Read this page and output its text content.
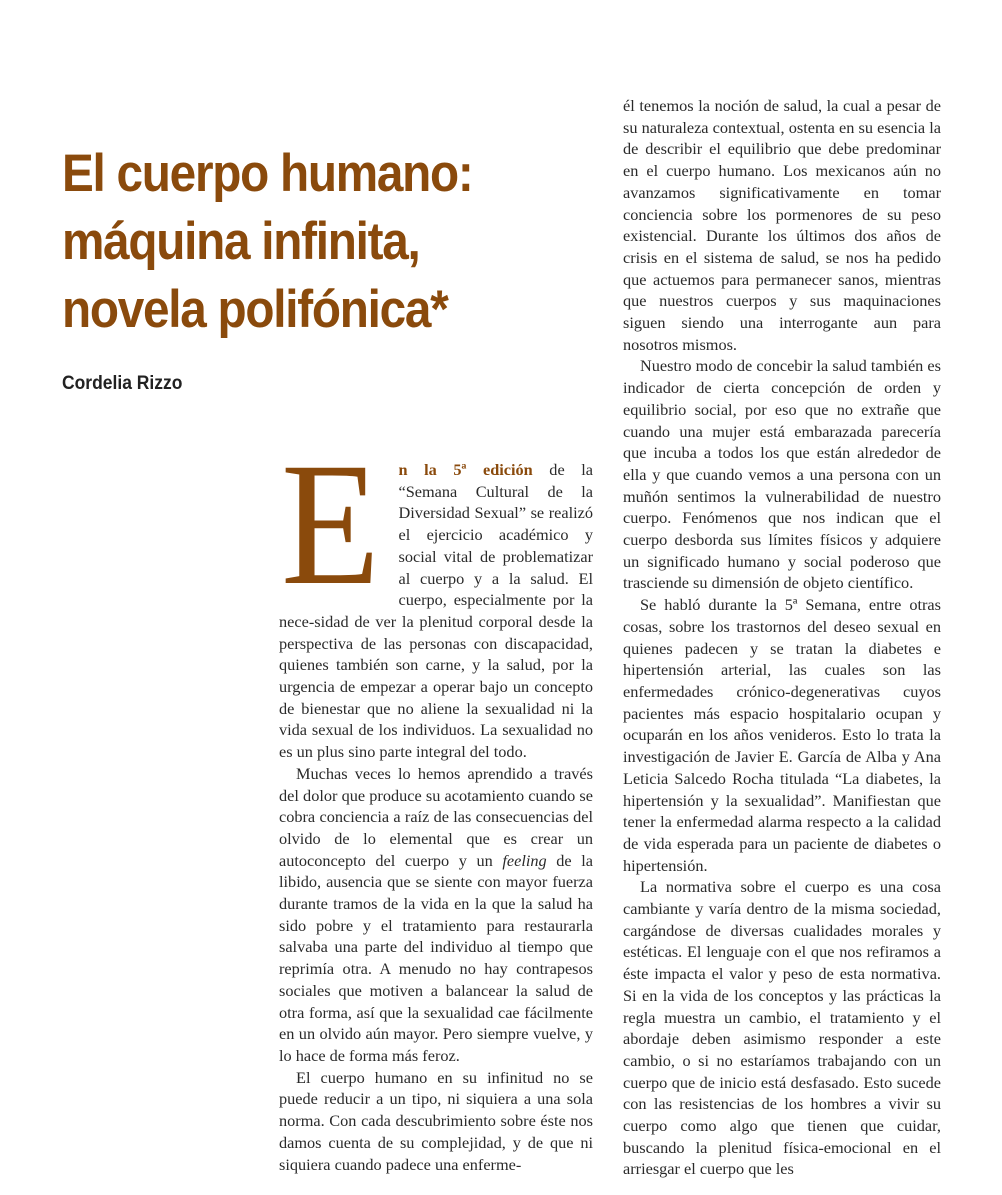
El cuerpo humano:
máquina infinita,
novela polifónica*

Cordelia Rizzo

E n la 5ª edición de la “Semana Cultural de la Diversidad Sexual” se realizó el ejercicio académico y social vital de problematizar al cuerpo y a la salud. El cuerpo, especialmente por la nece-sidad de ver la plenitud corporal desde la perspectiva de las personas con discapacidad, quienes también son carne, y la salud, por la urgencia de empezar a operar bajo un concepto de bienestar que no aliene la sexualidad ni la vida sexual de los individuos. La sexualidad no es un plus sino parte integral del todo.

Muchas veces lo hemos aprendido a través del dolor que produce su acotamiento cuando se cobra conciencia a raíz de las consecuencias del olvido de lo elemental que es crear un autoconcepto del cuerpo y un feeling de la libido, ausencia que se siente con mayor fuerza durante tramos de la vida en la que la salud ha sido pobre y el tratamiento para restaurarla salvaba una parte del individuo al tiempo que reprimía otra. A menudo no hay contrapesos sociales que motiven a balancear la salud de otra forma, así que la sexualidad cae fácilmente en un olvido aún mayor. Pero siempre vuelve, y lo hace de forma más feroz.

El cuerpo humano en su infinitud no se puede reducir a un tipo, ni siquiera a una sola norma. Con cada descubrimiento sobre éste nos damos cuenta de su complejidad, y de que ni siquiera cuando padece una enferme-

él tenemos la noción de salud, la cual a pesar de su naturaleza contextual, ostenta en su esencia la de describir el equilibrio que debe predominar en el cuerpo humano. Los mexicanos aún no avanzamos significativamente en tomar conciencia sobre los pormenores de su peso existencial. Durante los últimos dos años de crisis en el sistema de salud, se nos ha pedido que actuemos para permanecer sanos, mientras que nuestros cuerpos y sus maquinaciones siguen siendo una interrogante aun para nosotros mismos.

Nuestro modo de concebir la salud también es indicador de cierta concepción de orden y equilibrio social, por eso que no extrañe que cuando una mujer está embarazada parecería que incuba a todos los que están alrededor de ella y que cuando vemos a una persona con un muñón sentimos la vulnerabilidad de nuestro cuerpo. Fenómenos que nos indican que el cuerpo desborda sus límites físicos y adquiere un significado humano y social poderoso que trasciende su dimensión de objeto científico.

Se habló durante la 5ª Semana, entre otras cosas, sobre los trastornos del deseo sexual en quienes padecen y se tratan la diabetes e hipertensión arterial, las cuales son las enfermedades crónico-degenerativas cuyos pacientes más espacio hospitalario ocupan y ocuparán en los años venideros. Esto lo trata la investigación de Javier E. García de Alba y Ana Leticia Salcedo Rocha titulada “La diabetes, la hipertensión y la sexualidad”. Manifiestan que tener la enfermedad alarma respecto a la calidad de vida esperada para un paciente de diabetes o hipertensión.

La normativa sobre el cuerpo es una cosa cambiante y varía dentro de la misma sociedad, cargándose de diversas cualidades morales y estéticas. El lenguaje con el que nos refiramos a éste impacta el valor y peso de esta normativa. Si en la vida de los conceptos y las prácticas la regla muestra un cambio, el tratamiento y el abordaje deben asimismo responder a este cambio, o si no estaríamos trabajando con un cuerpo que de inicio está desfasado. Esto sucede con las resistencias de los hombres a vivir su cuerpo como algo que tienen que cuidar, buscando la plenitud física-emocional en el arriesgar el cuerpo que les
